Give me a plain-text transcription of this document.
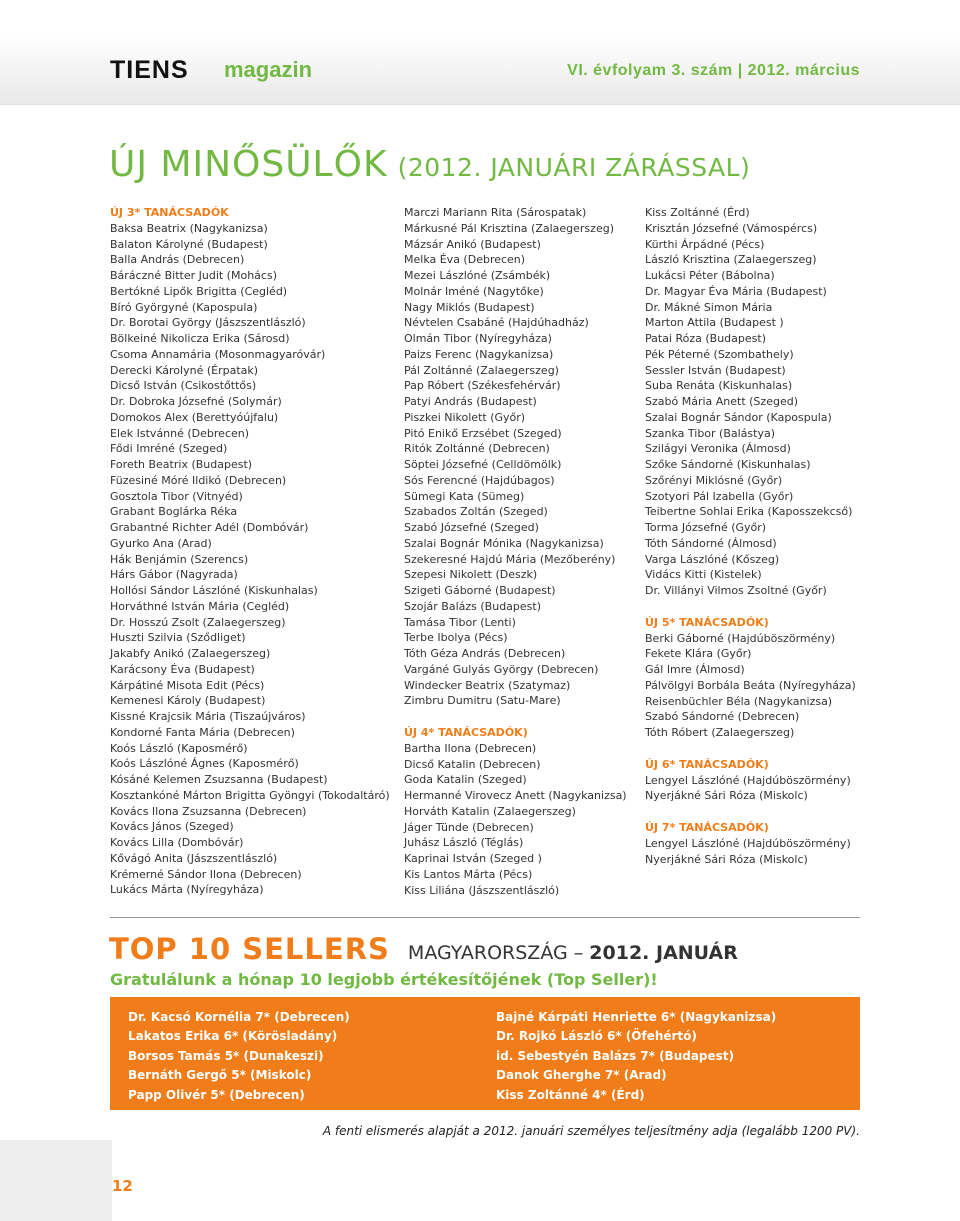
TIENS magazin	VI. évfolyam 3. szám | 2012. március
ÚJ MINŐSÜLŐK (2012. JANUÁRI ZÁRÁSSAL)
ÚJ 3* TANÁCSADÓK
Baksa Beatrix (Nagykanizsa)
Balaton Károlyné (Budapest)
Balla András (Debrecen)
Báráczné Bitter Judit (Mohács)
Bertókné Lipők Brigitta (Cegléd)
Bíró Györgyné (Kapospula)
Dr. Borotai György (Jászszentlászló)
Bölkeiné Nikolicza Erika (Sárosd)
Csoma Annamária (Mosonmagyaróvár)
Derecki Károlyné (Érpatak)
Dicső István (Csikostőttős)
Dr. Dobroka Józsefné (Solymár)
Domokos Alex (Berettyóújfalu)
Elek Istvánné (Debrecen)
Fődi Imréné (Szeged)
Foreth Beatrix (Budapest)
Füzesiné Móré Ildikó (Debrecen)
Gosztola Tibor (Vitnyéd)
Grabant Boglárka Réka
Grabantné Richter Adél (Dombóvár)
Gyurko Ana (Arad)
Hák Benjámin (Szerencs)
Hárs Gábor (Nagyrada)
Hollósi Sándor Lászlóné (Kiskunhalas)
Horváthné István Mária (Cegléd)
Dr. Hosszú Zsolt (Zalaegerszeg)
Huszti Szilvia (Sződliget)
Jakabfy Anikó (Zalaegerszeg)
Karácsony Éva (Budapest)
Kárpátiné Misota Edit (Pécs)
Kemenesi Károly (Budapest)
Kissné Krajcsik Mária (Tiszaújváros)
Kondorné Fanta Mária (Debrecen)
Koós László (Kaposmérő)
Koós Lászlóné Ágnes (Kaposmérő)
Kósáné Kelemen Zsuzsanna (Budapest)
Kosztankóné Márton Brigitta Gyöngyi (Tokodaltáró)
Kovács Ilona Zsuzsanna (Debrecen)
Kovács János (Szeged)
Kovács Lilla (Dombóvár)
Kővágó Anita (Jászszentlászló)
Krémerné Sándor Ilona (Debrecen)
Lukács Márta (Nyíregyháza)
Marczi Mariann Rita (Sárospatak)
Márkusné Pál Krisztina (Zalaegerszeg)
Mázsár Anikó (Budapest)
Melka Éva (Debrecen)
Mezei Lászlóné (Zsámbék)
Molnár Iméné (Nagytőke)
Nagy Miklós (Budapest)
Névtelen Csabáné (Hajdúhadház)
Olmán Tibor (Nyíregyháza)
Paizs Ferenc (Nagykanizsa)
Pál Zoltánné (Zalaegerszeg)
Pap Róbert (Székesfehérvár)
Patyi András (Budapest)
Piszkei Nikolett (Győr)
Pitó Enikő Erzsébet (Szeged)
Ritók Zoltánné (Debrecen)
Söptei Józsefné (Celldömölk)
Sós Ferencné (Hajdúbagos)
Sümegi Kata (Sümeg)
Szabados Zoltán (Szeged)
Szabó Józsefné (Szeged)
Szalai Bognár Mónika (Nagykanizsa)
Szekeresné Hajdú Mária (Mezőberény)
Szepesi Nikolett (Deszk)
Szigeti Gáborné (Budapest)
Szojár Balázs (Budapest)
Tamása Tibor (Lenti)
Terbe Ibolya (Pécs)
Tóth Géza András (Debrecen)
Vargáné Gulyás György (Debrecen)
Windecker Beatrix (Szatymaz)
Zimbru Dumitru (Satu-Mare)
ÚJ 4* TANÁCSADÓK)
Bartha Ilona (Debrecen)
Dicső Katalin (Debrecen)
Goda Katalin (Szeged)
Hermanné Virovecz Anett (Nagykanizsa)
Horváth Katalin (Zalaegerszeg)
Jáger Tünde (Debrecen)
Juhász László (Téglás)
Kaprinai István (Szeged )
Kis Lantos Márta (Pécs)
Kiss Liliána (Jászszentlászló)
Kiss Zoltánné (Érd)
Krisztán Józsefné (Vámospércs)
Kürthi Árpádné (Pécs)
László Krisztina (Zalaegerszeg)
Lukácsi Péter (Bábolna)
Dr. Magyar Éva Mária (Budapest)
Dr. Mákné Simon Mária
Marton Attila (Budapest )
Patai Róza (Budapest)
Pék Péterné (Szombathely)
Sessler István (Budapest)
Suba Renáta (Kiskunhalas)
Szabó Mária Anett (Szeged)
Szalai Bognár Sándor (Kapospula)
Szanka Tibor (Balástya)
Szilágyi Veronika (Álmosd)
Szőke Sándorné (Kiskunhalas)
Szőrényi Miklósné (Győr)
Szotyori Pál Izabella (Győr)
Teibertne Sohlai Erika (Kaposszekcső)
Torma Józsefné (Győr)
Tóth Sándorné (Álmosd)
Varga Lászlóné (Kőszeg)
Vidács Kitti (Kistelek)
Dr. Villányi Vilmos Zsoltné (Győr)
ÚJ 5* TANÁCSADÓK)
Berki Gáborné (Hajdúböszörmény)
Fekete Klára (Győr)
Gál Imre (Álmosd)
Pálvölgyi Borbála Beáta (Nyíregyháza)
Reisenbüchler Béla (Nagykanizsa)
Szabó Sándorné (Debrecen)
Tóth Róbert (Zalaegerszeg)
ÚJ 6* TANÁCSADÓK)
Lengyel Lászlóné (Hajdúböszörmény)
Nyerjákné Sári Róza (Miskolc)
ÚJ 7* TANÁCSADÓK)
Lengyel Lászlóné (Hajdúböszörmény)
Nyerjákné Sári Róza (Miskolc)
TOP 10 SELLERS MAGYARORSZÁG – 2012. JANUÁR
Gratulálunk a hónap 10 legjobb értékesítőjének (Top Seller)!
Dr. Kacsó Kornélia 7* (Debrecen)
Lakatos Erika 6* (Körösladány)
Borsos Tamás 5* (Dunakeszi)
Bernáth Gergő 5* (Miskolc)
Papp Olivér 5* (Debrecen)
Bajné Kárpáti Henriette 6* (Nagykanizsa)
Dr. Rojkó László 6* (Öfehértó)
id. Sebestyén Balázs 7* (Budapest)
Danok Gherghe 7* (Arad)
Kiss Zoltánné 4* (Érd)
A fenti elismerés alapját a 2012. januári személyes teljesítmény adja (legalább 1200 PV).
12
